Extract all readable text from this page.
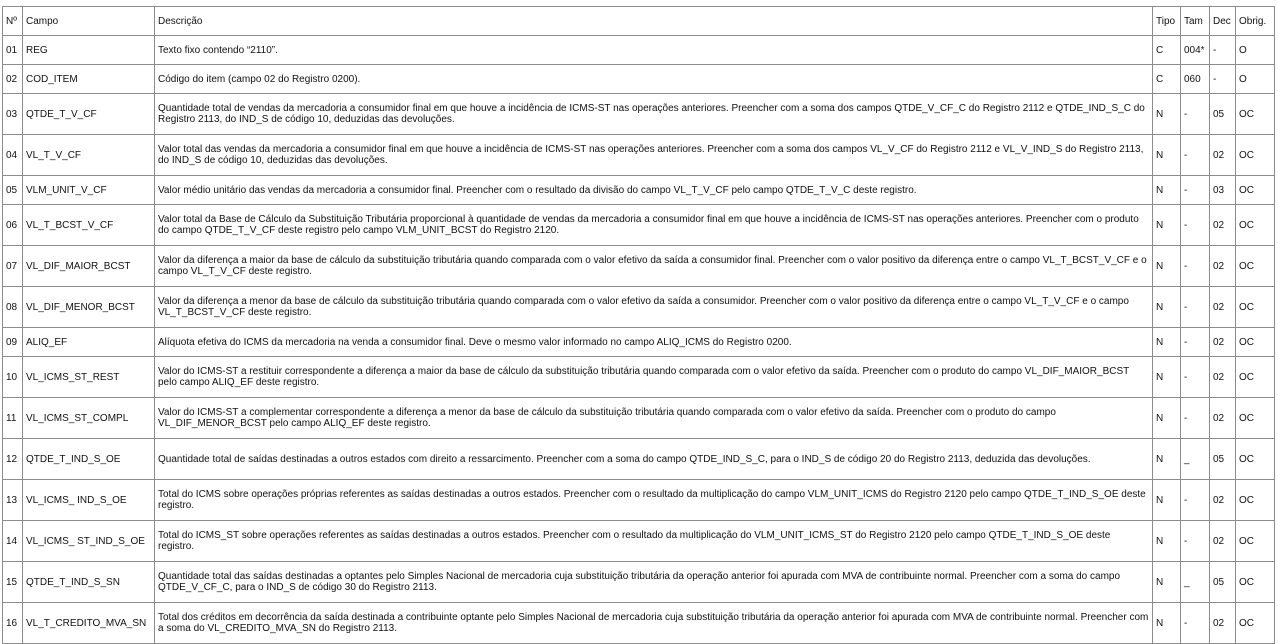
Nº	Campo	Descrição	Tipo	Tam	Dec	Obrig.
01	REG	Texto fixo contendo “2110”.	C	004*	-	O
02	COD_ITEM	Código do item (campo 02 do Registro 0200).	C	060	-	O
03	QTDE_T_V_CF	Quantidade total de vendas da mercadoria a consumidor final em que houve a incidência de ICMS-ST nas operações anteriores. Preencher com a soma dos campos QTDE_V_CF_C do Registro 2112 e QTDE_IND_S_C do Registro 2113, do IND_S de código 10, deduzidas das devoluções.	N	-	05	OC
04	VL_T_V_CF	Valor total das vendas da mercadoria a consumidor final em que houve a incidência de ICMS-ST nas operações anteriores. Preencher com a soma dos campos VL_V_CF do Registro 2112 e VL_V_IND_S do Registro 2113, do IND_S de código 10, deduzidas das devoluções.	N	-	02	OC
05	VLM_UNIT_V_CF	Valor médio unitário das vendas da mercadoria a consumidor final. Preencher com o resultado da divisão do campo VL_T_V_CF pelo campo QTDE_T_V_C deste registro.	N	-	03	OC
06	VL_T_BCST_V_CF	Valor total da Base de Cálculo da Substituição Tributária proporcional à quantidade de vendas da mercadoria a consumidor final em que houve a incidência de ICMS-ST nas operações anteriores. Preencher com o produto do campo QTDE_T_V_CF deste registro pelo campo VLM_UNIT_BCST do Registro 2120.	N	-	02	OC
07	VL_DIF_MAIOR_BCST	Valor da diferença a maior da base de cálculo da substituição tributária quando comparada com o valor efetivo da saída a consumidor final. Preencher com o valor positivo da diferença entre o campo VL_T_BCST_V_CF e o campo VL_T_V_CF deste registro.	N	-	02	OC
08	VL_DIF_MENOR_BCST	Valor da diferença a menor da base de cálculo da substituição tributária quando comparada com o valor efetivo da saída a consumidor. Preencher com o valor positivo da diferença entre o campo VL_T_V_CF e o campo VL_T_BCST_V_CF deste registro.	N	-	02	OC
09	ALIQ_EF	Alíquota efetiva do ICMS da mercadoria na venda a consumidor final. Deve o mesmo valor informado no campo ALIQ_ICMS do Registro 0200.	N	-	02	OC
10	VL_ICMS_ST_REST	Valor do ICMS-ST a restituir correspondente a diferença a maior da base de cálculo da substituição tributária quando comparada com o valor efetivo da saída. Preencher com o produto do campo VL_DIF_MAIOR_BCST pelo campo ALIQ_EF deste registro.	N	-	02	OC
11	VL_ICMS_ST_COMPL	Valor do ICMS-ST a complementar correspondente a diferença a menor da base de cálculo da substituição tributária quando comparada com o valor efetivo da saída. Preencher com o produto do campo VL_DIF_MENOR_BCST pelo campo ALIQ_EF deste registro.	N	-	02	OC
12	QTDE_T_IND_S_OE	Quantidade total de saídas destinadas a outros estados com direito a ressarcimento. Preencher com a soma do campo QTDE_IND_S_C, para o IND_S de código 20 do Registro 2113, deduzida das devoluções.	N	_	05	OC
13	VL_ICMS_ IND_S_OE	Total do ICMS sobre operações próprias referentes as saídas destinadas a outros estados. Preencher com o resultado da multiplicação do campo VLM_UNIT_ICMS do Registro 2120 pelo campo QTDE_T_IND_S_OE deste registro.	N	-	02	OC
14	VL_ICMS_ ST_IND_S_OE	Total do ICMS_ST sobre operações referentes as saídas destinadas a outros estados. Preencher com o resultado da multiplicação do VLM_UNIT_ICMS_ST do Registro 2120 pelo campo QTDE_T_IND_S_OE deste registro.	N	-	02	OC
15	QTDE_T_IND_S_SN	Quantidade total das saídas destinadas a optantes pelo Simples Nacional de mercadoria cuja substituição tributária da operação anterior foi apurada com MVA de contribuinte normal. Preencher com a soma do campo QTDE_V_CF_C, para o IND_S de código 30 do Registro 2113.	N	_	05	OC
16	VL_T_CREDITO_MVA_SN	Total dos créditos em decorrência da saída destinada a contribuinte optante pelo Simples Nacional de mercadoria cuja substituição tributária da operação anterior foi apurada com MVA de contribuinte normal. Preencher com a soma do VL_CREDITO_MVA_SN do Registro 2113.	N	-	02	OC
